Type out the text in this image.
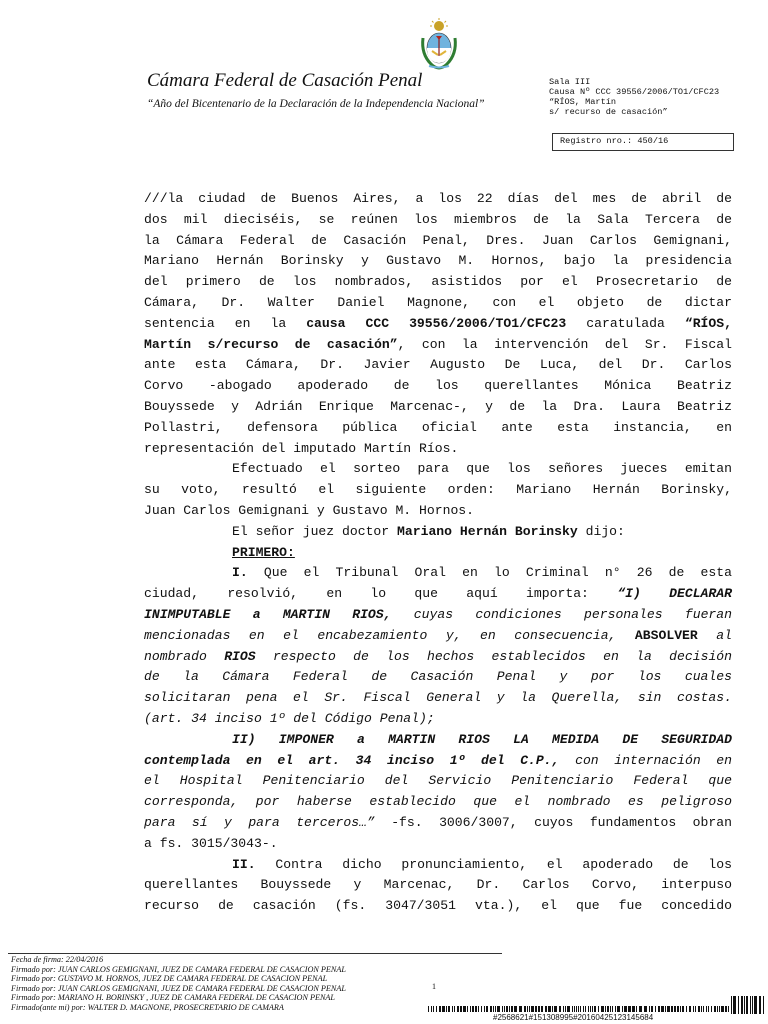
Cámara Federal de Casación Penal
“Año del Bicentenario de la Declaración de la Independencia Nacional”
Sala III
Causa Nº CCC 39556/2006/TO1/CFC23
“RÍOS, Martín
s/ recurso de casación”
Registro nro.: 450/16
///la ciudad de Buenos Aires, a los 22 días del mes de abril de
dos mil dieciséis, se reúnen los miembros de la Sala Tercera de
la Cámara Federal de Casación Penal, Dres. Juan Carlos Gemignani,
Mariano Hernán Borinsky y Gustavo M. Hornos, bajo la presidencia
del primero de los nombrados, asistidos por el Prosecretario de
Cámara, Dr. Walter Daniel Magnone, con el objeto de dictar
sentencia en la causa CCC 39556/2006/TO1/CFC23 caratulada “RÍOS,
Martín s/recurso de casación”, con la intervención del Sr. Fiscal
ante esta Cámara, Dr. Javier Augusto De Luca, del Dr. Carlos
Corvo -abogado apoderado de los querellantes Mónica Beatriz
Bouyssede y Adrián Enrique Marcenac-, y de la Dra. Laura Beatriz
Pollastri, defensora pública oficial ante esta instancia, en
representación del imputado Martín Ríos.
Efectuado el sorteo para que los señores jueces emitan
su voto, resultó el siguiente orden: Mariano Hernán Borinsky,
Juan Carlos Gemignani y Gustavo M. Hornos.
El señor juez doctor Mariano Hernán Borinsky dijo:
PRIMERO:
I. Que el Tribunal Oral en lo Criminal n° 26 de esta
ciudad, resolvió, en lo que aquí importa: “I) DECLARAR
INIMPUTABLE a MARTIN RIOS, cuyas condiciones personales fueran
mencionadas en el encabezamiento y, en consecuencia, ABSOLVER al
nombrado RIOS respecto de los hechos establecidos en la decisión
de la Cámara Federal de Casación Penal y por los cuales
solicitaran pena el Sr. Fiscal General y la Querella, sin costas.
(art. 34 inciso 1º del Código Penal);
II) IMPONER a MARTIN RIOS LA MEDIDA DE SEGURIDAD
contemplada en el art. 34 inciso 1º del C.P., con internación en
el Hospital Penitenciario del Servicio Penitenciario Federal que
corresponda, por haberse establecido que el nombrado es peligroso
para sí y para terceros…” -fs. 3006/3007, cuyos fundamentos obran
a fs. 3015/3043-.
II. Contra dicho pronunciamiento, el apoderado de los
querellantes Bouyssede y Marcenac, Dr. Carlos Corvo, interpuso
recurso de casación (fs. 3047/3051 vta.), el que fue concedido
Fecha de firma: 22/04/2016
Firmado por: JUAN CARLOS GEMIGNANI, JUEZ DE CAMARA FEDERAL DE CASACION PENAL
Firmado por: GUSTAVO M. HORNOS, JUEZ DE CAMARA FEDERAL DE CASACION PENAL
Firmado por: JUAN CARLOS GEMIGNANI, JUEZ DE CAMARA FEDERAL DE CASACION PENAL
Firmado por: MARIANO H. BORINSKY , JUEZ DE CAMARA FEDERAL DE CASACION PENAL
Firmado(ante mi) por: WALTER D. MAGNONE, PROSECRETARIO DE CAMARA
1
#2568621#151308995#20160425123145684
